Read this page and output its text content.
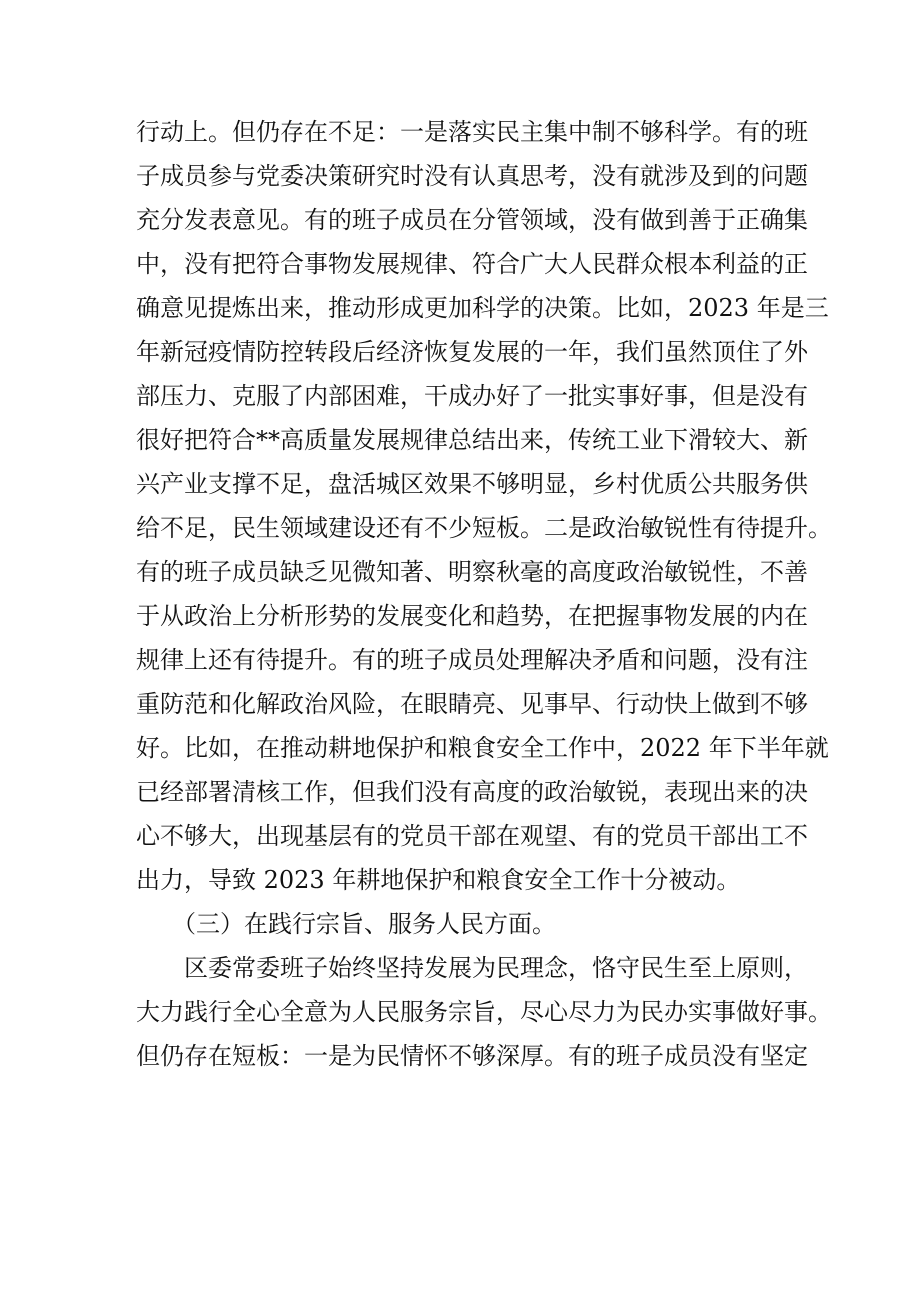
行动上。但仍存在不足：一是落实民主集中制不够科学。有的班
子成员参与党委决策研究时没有认真思考，没有就涉及到的问题
充分发表意见。有的班子成员在分管领域，没有做到善于正确集
中，没有把符合事物发展规律、符合广大人民群众根本利益的正
确意见提炼出来，推动形成更加科学的决策。比如，2023 年是三
年新冠疫情防控转段后经济恢复发展的一年，我们虽然顶住了外
部压力、克服了内部困难，干成办好了一批实事好事，但是没有
很好把符合**高质量发展规律总结出来，传统工业下滑较大、新
兴产业支撑不足，盘活城区效果不够明显，乡村优质公共服务供
给不足，民生领域建设还有不少短板。二是政治敏锐性有待提升。
有的班子成员缺乏见微知著、明察秋毫的高度政治敏锐性，不善
于从政治上分析形势的发展变化和趋势，在把握事物发展的内在
规律上还有待提升。有的班子成员处理解决矛盾和问题，没有注
重防范和化解政治风险，在眼睛亮、见事早、行动快上做到不够
好。比如，在推动耕地保护和粮食安全工作中，2022 年下半年就
已经部署清核工作，但我们没有高度的政治敏锐，表现出来的决
心不够大，出现基层有的党员干部在观望、有的党员干部出工不
出力，导致 2023 年耕地保护和粮食安全工作十分被动。
（三）在践行宗旨、服务人民方面。
区委常委班子始终坚持发展为民理念，恪守民生至上原则，
大力践行全心全意为人民服务宗旨，尽心尽力为民办实事做好事。
但仍存在短板：一是为民情怀不够深厚。有的班子成员没有坚定
